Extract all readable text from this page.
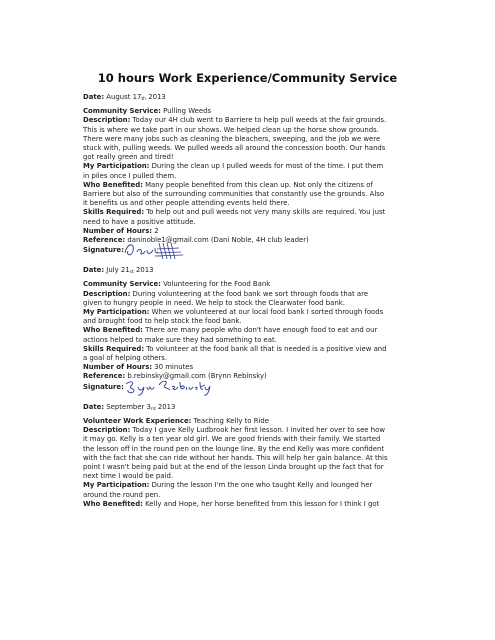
10 hours Work Experience/Community Service
Date: August $17_{th}$ 2013
Community Service: Pulling Weeds
Description: Today our 4H club went to Barriere to help pull weeds at the fair grounds.
This is where we take part in our shows. We helped clean up the horse show grounds.
There were many jobs such as cleaning the bleachers, sweeping, and the job we were
stuck with, pulling weeds. We pulled weeds all around the concession booth. Our hands
got really green and tired!
My Participation: During the clean up I pulled weeds for most of the time. I put them
in piles once I pulled them.
Who Benefited: Many people benefited from this clean up. Not only the citizens of
Barriere but also of the surrounding communities that constantly use the grounds. Also
it benefits us and other people attending events held there.
Skills Required: To help out and pull weeds not very many skills are required. You just
need to have a positive attitude.
Number of Hours: 2
Reference: daninoble1@gmail.com (Dani Noble, 4H club leader)
Signature:
Date: July $21_{st}$ 2013
Community Service: Volunteering for the Food Bank
Description: During volunteering at the food bank we sort through foods that are
given to hungry people in need. We help to stock the Clearwater food bank.
My Participation: When we volunteered at our local food bank I sorted through foods
and brought food to help stock the food bank.
Who Benefited: There are many people who don't have enough food to eat and our
actions helped to make sure they had something to eat.
Skills Required: To volunteer at the food bank all that is needed is a positive view and
a goal of helping others.
Number of Hours: 30 minutes
Reference: b.rebinsky@gmail.com (Brynn Rebinsky)
Signature:
Date: September $3_{rd}$ 2013
Volunteer Work Experience: Teaching Kelly to Ride
Description: Today I gave Kelly Ludbrook her first lesson. I invited her over to see how
it may go. Kelly is a ten year old girl. We are good friends with their family. We started
the lesson off in the round pen on the lounge line. By the end Kelly was more confident
with the fact that she can ride without her hands. This will help her gain balance. At this
point I wasn't being paid but at the end of the lesson Linda brought up the fact that for
next time I would be paid.
My Participation: During the lesson I'm the one who taught Kelly and lounged her
around the round pen.
Who Benefited: Kelly and Hope, her horse benefited from this lesson for I think I got
